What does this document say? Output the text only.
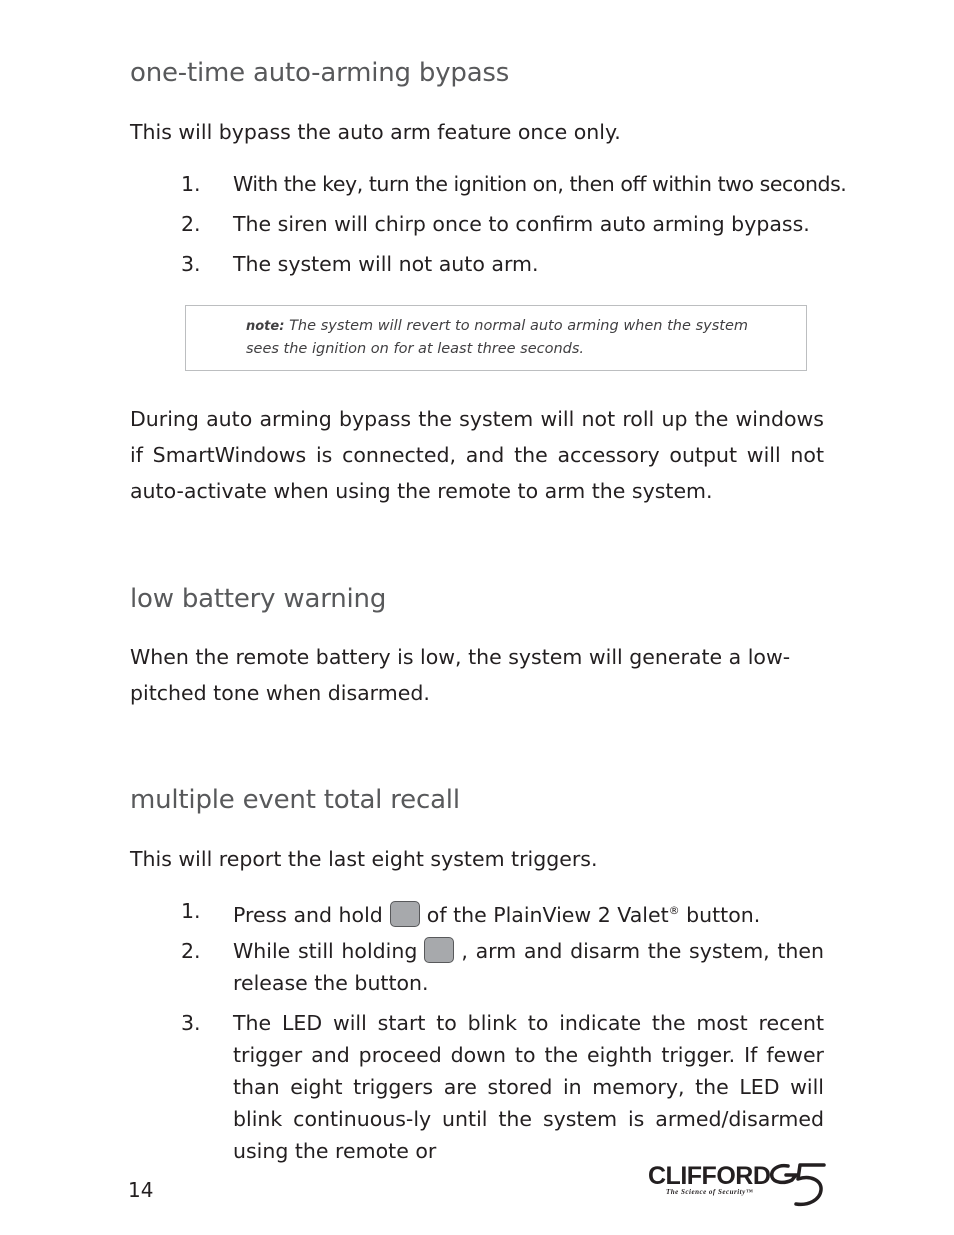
one-time auto-arming bypass

This will bypass the auto arm feature once only.

1. With the key, turn the ignition on, then off within two seconds.
2. The siren will chirp once to confirm auto arming bypass.
3. The system will not auto arm.
note: The system will revert to normal auto arming when the system sees the ignition on for at least three seconds.

During auto arming bypass the system will not roll up the windows if SmartWindows is connected, and the accessory output will not auto-activate when using the remote to arm the system.

low battery warning

When the remote battery is low, the system will generate a low-pitched tone when disarmed.

multiple event total recall

This will report the last eight system triggers.

1. Press and hold of the PlainView 2 Valet® button.
2. While still holding , arm and disarm the system, then release the button.
3. The LED will start to blink to indicate the most recent trigger and proceed down to the eighth trigger. If fewer than eight triggers are stored in memory, the LED will blink continuous-ly until the system is armed/disarmed using the remote or
14	CLIFFORD
The Science of Security™
